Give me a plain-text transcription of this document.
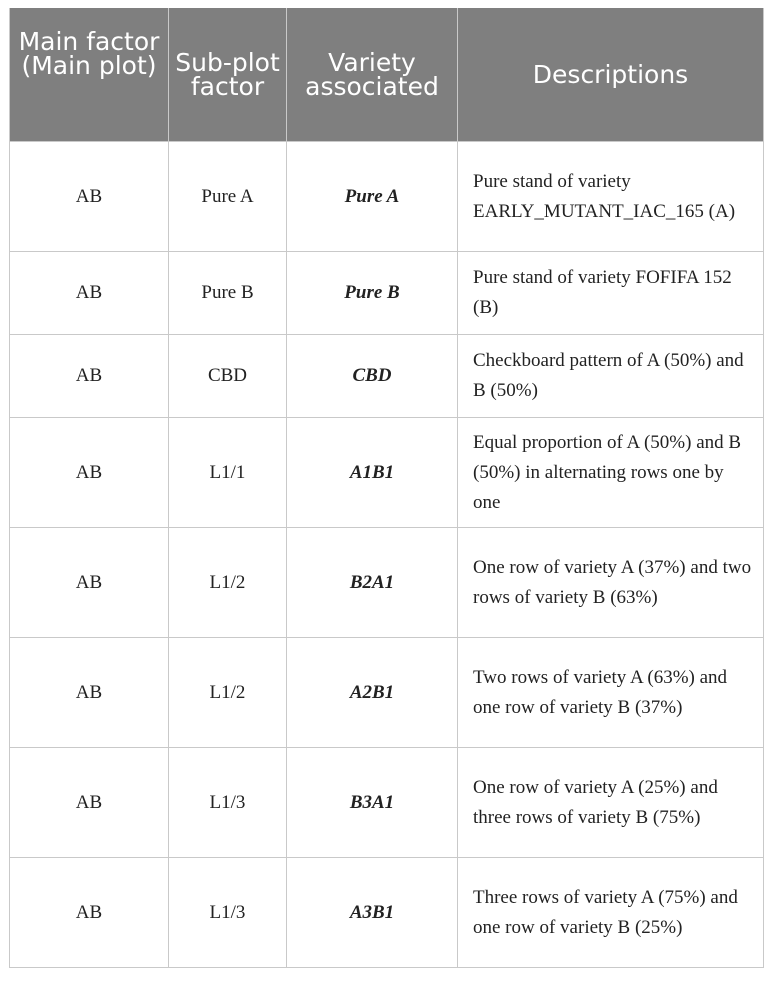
Main factor (Main plot)	Sub-plot factor	Variety associated	Descriptions

AB	Pure A	Pure A	Pure stand of variety EARLY_MUTANT_IAC_165 (A)
AB	Pure B	Pure B	Pure stand of variety FOFIFA 152 (B)
AB	CBD	CBD	Checkboard pattern of A (50%) and B (50%)
AB	L1/1	A1B1	Equal proportion of A (50%) and B (50%) in alternating rows one by one
AB	L1/2	B2A1	One row of variety A (37%) and two rows of variety B (63%)
AB	L1/2	A2B1	Two rows of variety A (63%) and one row of variety B (37%)
AB	L1/3	B3A1	One row of variety A (25%) and three rows of variety B (75%)
AB	L1/3	A3B1	Three rows of variety A (75%) and one row of variety B (25%)
